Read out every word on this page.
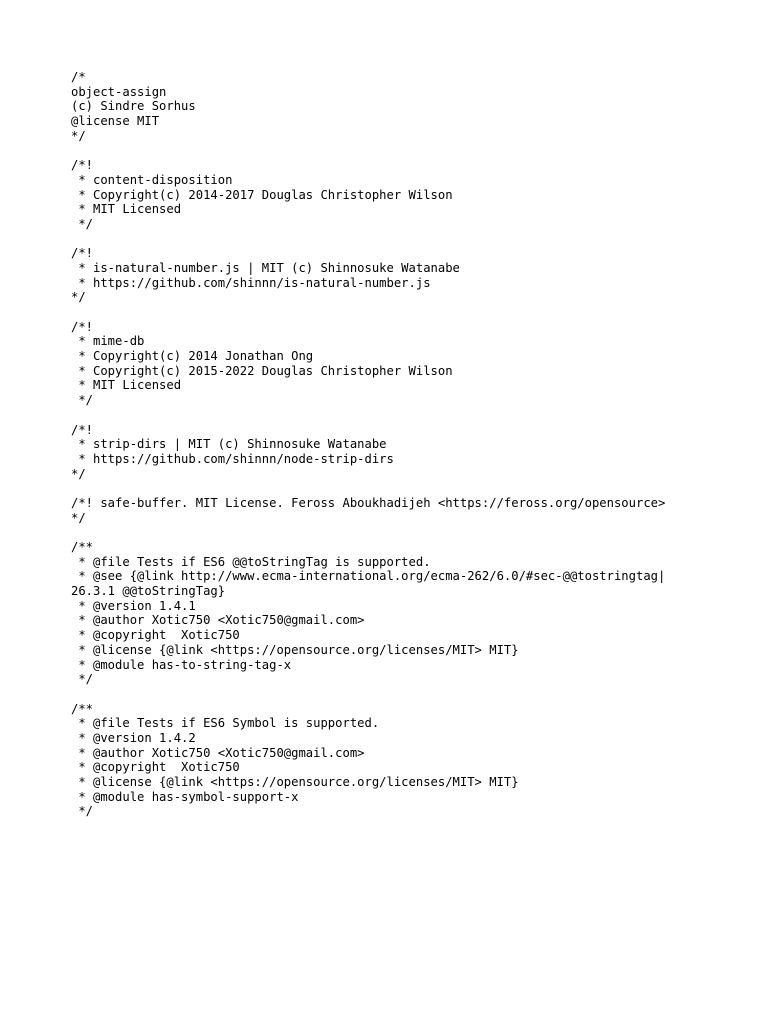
/*
object-assign
(c) Sindre Sorhus
@license MIT
*/
/*!
* content-disposition
* Copyright(c) 2014-2017 Douglas Christopher Wilson
* MIT Licensed
*/
/*!
* is-natural-number.js | MIT (c) Shinnosuke Watanabe
* https://github.com/shinnn/is-natural-number.js
*/
/*!
* mime-db
* Copyright(c) 2014 Jonathan Ong
* Copyright(c) 2015-2022 Douglas Christopher Wilson
* MIT Licensed
*/
/*!
* strip-dirs | MIT (c) Shinnosuke Watanabe
* https://github.com/shinnn/node-strip-dirs
*/
/*! safe-buffer. MIT License. Feross Aboukhadijeh <https://feross.org/opensource>
*/
/**
* @file Tests if ES6 @@toStringTag is supported.
* @see {@link http://www.ecma-international.org/ecma-262/6.0/#sec-@@tostringtag|
26.3.1 @@toStringTag}
* @version 1.4.1
* @author Xotic750 <Xotic750@gmail.com>
* @copyright  Xotic750
* @license {@link <https://opensource.org/licenses/MIT> MIT}
* @module has-to-string-tag-x
*/
/**
* @file Tests if ES6 Symbol is supported.
* @version 1.4.2
* @author Xotic750 <Xotic750@gmail.com>
* @copyright  Xotic750
* @license {@link <https://opensource.org/licenses/MIT> MIT}
* @module has-symbol-support-x
*/
